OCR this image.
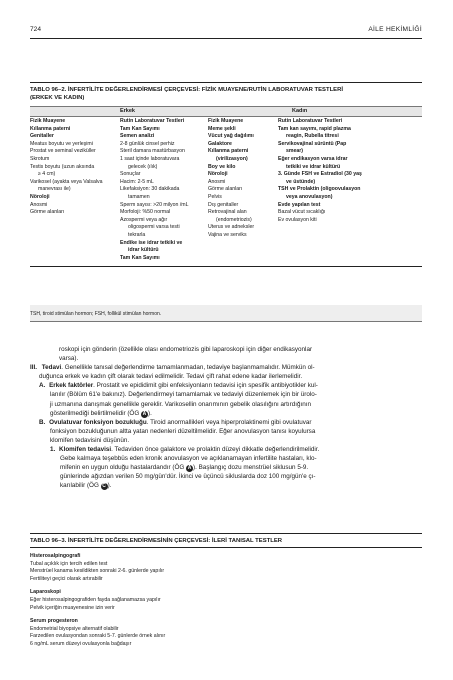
724	AİLE HEKİMLİĞİ
TABLO 96–2. İNFERTİLİTE DEĞERLENDİRMESİ ÇERÇEVESİ: FİZİK MUAYENE/RUTİN LABORATUVAR TESTLERİ
(ERKEK VE KADIN)
Erkek	Kadın
Fizik Muayene
Kıllanma paterni
Genitaller
Meatus boyutu ve yerleşimi
Prostat ve seminal veziküller
Skrotum
Testis boyutu (uzun aksında
≥ 4 cm)
Varikosel (ayakta veya Valsalva
manevrası ile)
Nöroloji
Anosmi
Görme alanları
Rutin Laboratuvar Testleri
Tam Kan Sayımı
Semen analizi
2-8 günlük cinsel perhiz
Steril damara mastürbasyon
1 saat içinde laboratuvara
gelecek (ılık)
Sonuçlar
Hacim: 2-5 mL
Likefaksiyon: 30 dakikada
tamamen
Sperm sayısı: >20 milyon /mL
Morfoloji: %50 normal
Azospermi veya ağır
oligospermi varsa testi
tekrarla
Endike ise idrar tetkiki ve
idrar kültürü
Tam Kan Sayımı
Fizik Muayene
Meme şekli
Vücut yağ dağılımı
Galaktore
Kıllanma paterni
(virilizasyon)
Boy ve kilo
Nöroloji
Anosmi
Görme alanları
Pelvis
Dış genitaller
Retrovajinal alan
(endometriozis)
Uterus ve adneksler
Vajina ve serviks
Rutin Laboratuvar Testleri
Tam kan sayımı, rapid plazma
reagin, Rubella titresi
Servikovajinal sürüntü (Pap
smear)
Eğer endikasyon varsa idrar
tetkiki ve idrar kültürü
3. Günde FSH ve Estradiol (30 yaş
ve üstünde)
TSH ve Prolaktin (oligoovulasyon
veya anovulasyon)
Evde yapılan test
Bazal vücut sıcaklığı
Ev ovulasyon kiti
TSH, tiroid stimülan hormon; FSH, follikül stimülan hormon.
roskopi için gönderin (özellikle olası endometriozis gibi laparoskopi için diğer endikasyonlar
varsa).
III. Tedavi. Genellikle tanısal değerlendirme tamamlanmadan, tedaviye başlanmamalıdır. Mümkün ol-
duğunca erkek ve kadın çift olarak tedavi edilmelidir. Tedavi çift rahat edene kadar ilerlemelidir.
A. Erkek faktörler. Prostatit ve epididimit gibi enfeksiyonların tedavisi için spesifik antibiyotikler kul-
lanılır (Bölüm 61'e bakınız). Değerlendirmeyi tamamlamak ve tedaviyi düzenlemek için bir ürolo-
ji uzmanına danışmak genellikle gereklir. Varikosellin onarımının gebelik olasılığını artırdığının
gösterilmediği belirtilmelidir (ÖG A ).
B. Ovulatuvar fonksiyon bozukluğu. Tiroid anormallikleri veya hiperprolaktinemi gibi ovulatuvar
fonksiyon bozukluğunun altta yatan nedenleri düzeltilmelidir. Eğer anovulasyon tanısı koyulursa
klomifen tedavisini düşünün.
1. Klomifen tedavisi. Tedaviden önce galaktore ve prolaktin düzeyi dikkatle değerlendirilmelidir.
Gebe kalmaya teşebbüs eden kronik anovulasyon ve açıklanamayan infertilite hastaları, klo-
mifenin en uygun olduğu hastalardandır (ÖG A ). Başlangıç dozu menstrüel siklusun 5-9.
günlerinde ağızdan verilen 50 mg/gün'dür. İkinci ve üçüncü sikluslarda doz 100 mg/gün'e çı-
karılabilir (ÖG C ).
TABLO 96–3. İNFERTİLİTE DEĞERLENDİRMESİNİN ÇERÇEVESİ: İLERİ TANISAL TESTLER
Histerosalpingografi
Tubal açıklık için tercih edilen test
Menstrüel kanama kesildikten sonraki 2-6. günlerde yapılır
Fertiliteyi geçici olarak artırabilir
Laparoskopi
Eğer histerosalpingografiden fayda sağlanamazsa yapılır
Pelvik içeriğin muayenesine izin verir
Serum progesteron
Endometrial biyopsiye alternatif olabilir
Farzedilen ovulasyondan sonraki 5-7. günlerde örnek alınır
6 ng/mL serum düzeyi ovulasyonla bağdaşır
